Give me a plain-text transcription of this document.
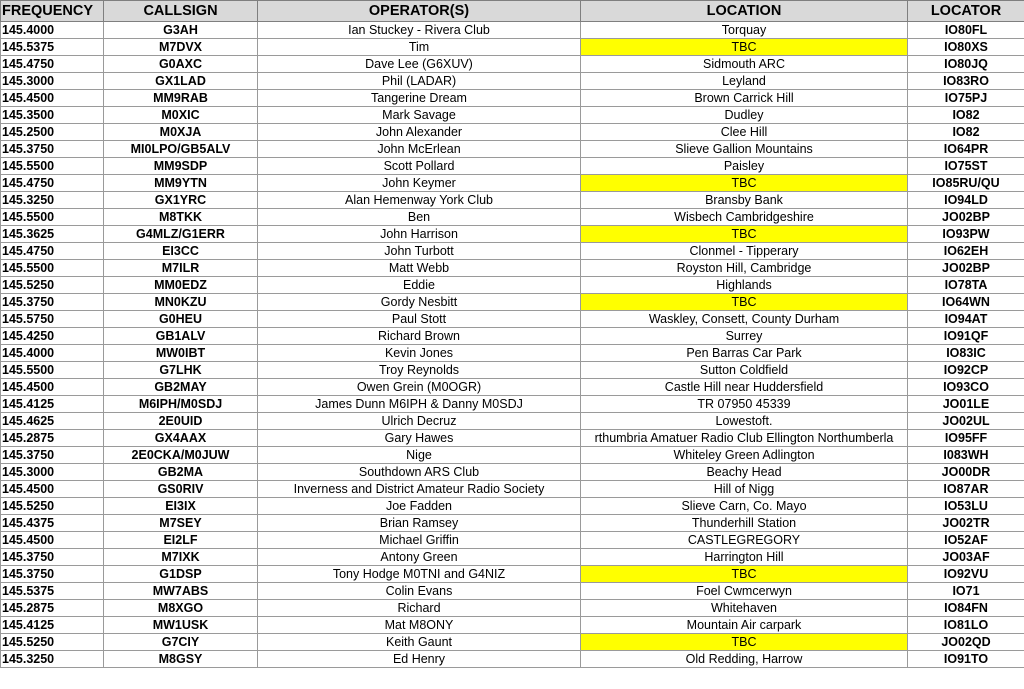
FREQUENCY	CALLSIGN	OPERATOR(S)	LOCATION	LOCATOR
145.4000	G3AH	Ian Stuckey - Rivera Club	Torquay	IO80FL
145.5375	M7DVX	Tim	TBC	IO80XS
145.4750	G0AXC	Dave Lee (G6XUV)	Sidmouth ARC	IO80JQ
145.3000	GX1LAD	Phil (LADAR)	Leyland	IO83RO
145.4500	MM9RAB	Tangerine Dream	Brown Carrick Hill	IO75PJ
145.3500	M0XIC	Mark Savage	Dudley	IO82
145.2500	M0XJA	John Alexander	Clee Hill	IO82
145.3750	MI0LPO/GB5ALV	John McErlean	Slieve Gallion Mountains	IO64PR
145.5500	MM9SDP	Scott Pollard	Paisley	IO75ST
145.4750	MM9YTN	John Keymer	TBC	IO85RU/QU
145.3250	GX1YRC	Alan Hemenway York Club	Bransby Bank	IO94LD
145.5500	M8TKK	Ben	Wisbech Cambridgeshire	JO02BP
145.3625	G4MLZ/G1ERR	John Harrison	TBC	IO93PW
145.4750	EI3CC	John Turbott	Clonmel - Tipperary	IO62EH
145.5500	M7ILR	Matt Webb	Royston Hill, Cambridge	JO02BP
145.5250	MM0EDZ	Eddie	Highlands	IO78TA
145.3750	MN0KZU	Gordy Nesbitt	TBC	IO64WN
145.5750	G0HEU	Paul Stott	Waskley, Consett, County Durham	IO94AT
145.4250	GB1ALV	Richard Brown	Surrey	IO91QF
145.4000	MW0IBT	Kevin Jones	Pen Barras Car Park	IO83IC
145.5500	G7LHK	Troy Reynolds	Sutton Coldfield	IO92CP
145.4500	GB2MAY	Owen Grein (M0OGR)	Castle Hill near Huddersfield	IO93CO
145.4125	M6IPH/M0SDJ	James Dunn M6IPH & Danny M0SDJ	TR 07950 45339	JO01LE
145.4625	2E0UID	Ulrich Decruz	Lowestoft.	JO02UL
145.2875	GX4AAX	Gary Hawes	rthumbria Amatuer Radio Club Ellington Northumberla	IO95FF
145.3750	2E0CKA/M0JUW	Nige	Whiteley Green Adlington	I083WH
145.3000	GB2MA	Southdown ARS Club	Beachy Head	JO00DR
145.4500	GS0RIV	Inverness and District Amateur Radio Society	Hill of Nigg	IO87AR
145.5250	EI3IX	Joe Fadden	Slieve Carn, Co. Mayo	IO53LU
145.4375	M7SEY	Brian Ramsey	Thunderhill Station	JO02TR
145.4500	EI2LF	Michael Griffin	CASTLEGREGORY	IO52AF
145.3750	M7IXK	Antony Green	Harrington Hill	JO03AF
145.3750	G1DSP	Tony Hodge M0TNI and G4NIZ	TBC	IO92VU
145.5375	MW7ABS	Colin Evans	Foel Cwmcerwyn	IO71
145.2875	M8XGO	Richard	Whitehaven	IO84FN
145.4125	MW1USK	Mat M8ONY	Mountain Air carpark	IO81LO
145.5250	G7CIY	Keith Gaunt	TBC	JO02QD
145.3250	M8GSY	Ed Henry	Old Redding, Harrow	IO91TO
